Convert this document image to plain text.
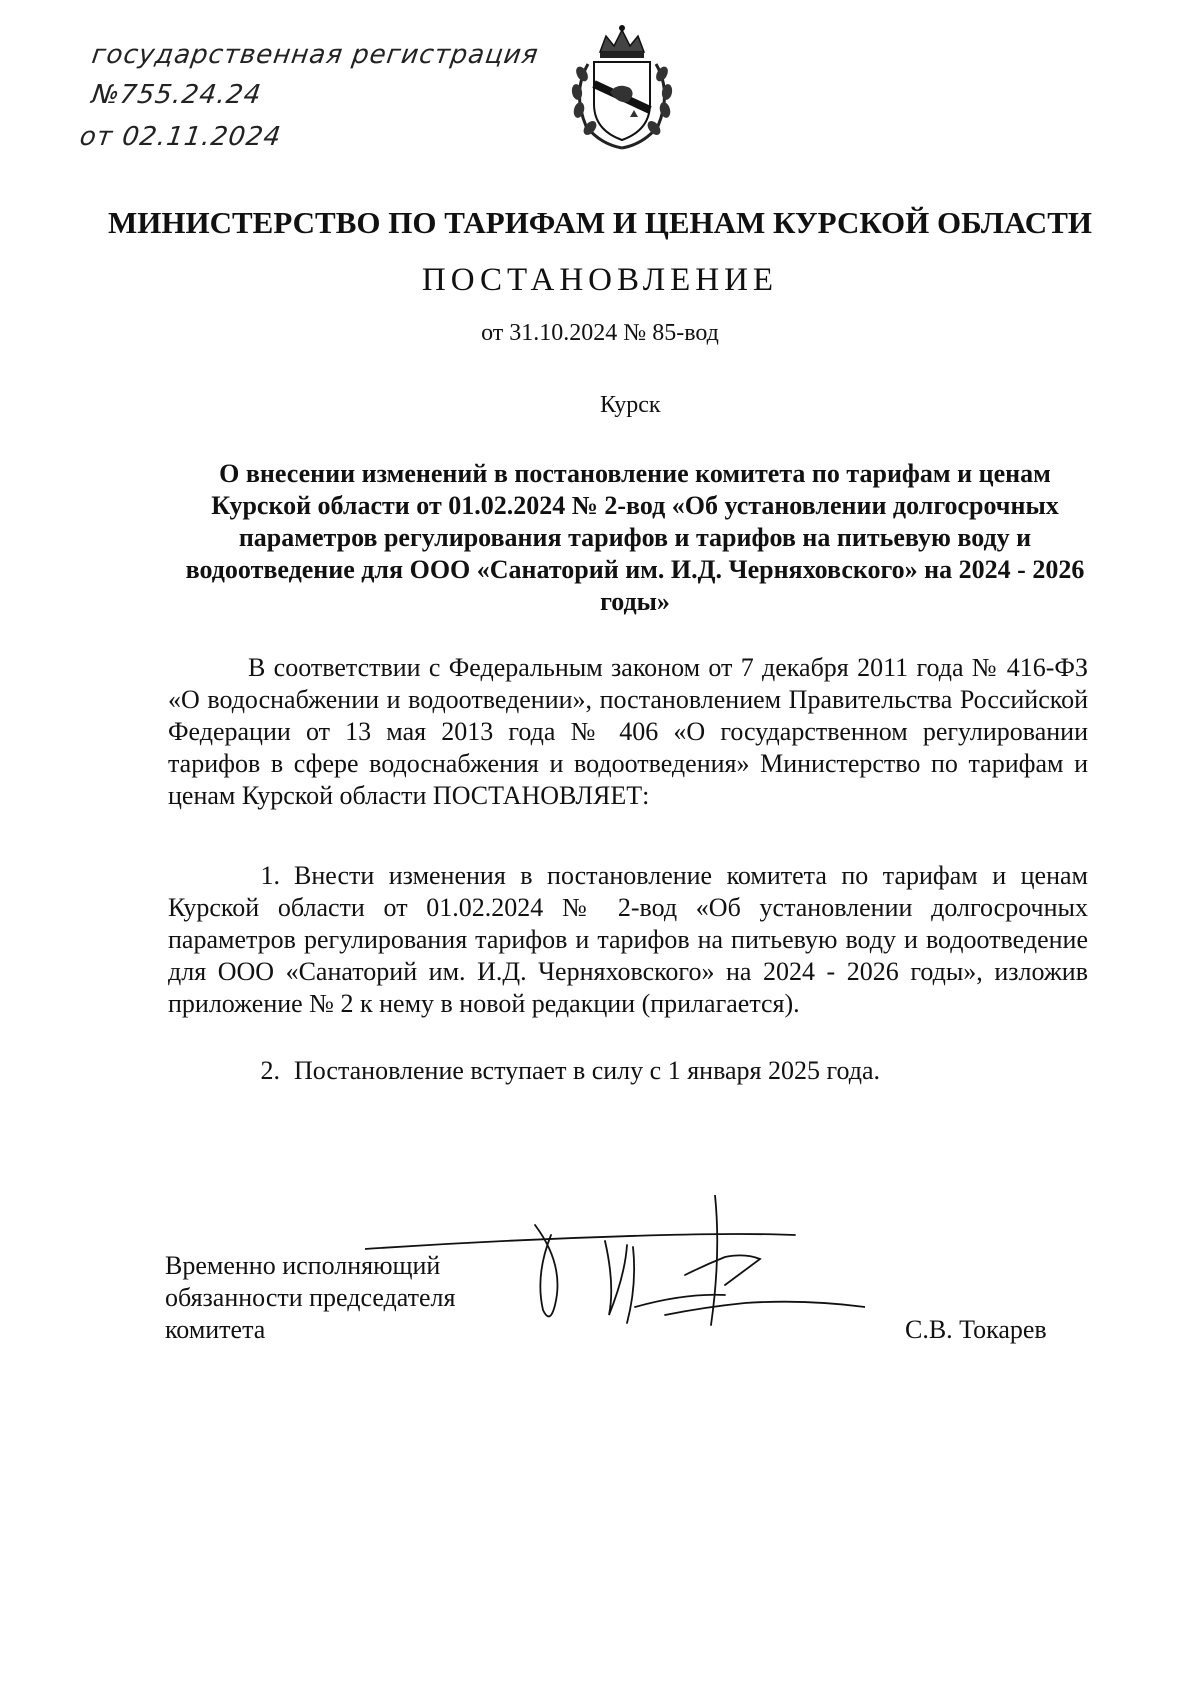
государственная регистрация
№755.24.24
от 02.11.2024
МИНИСТЕРСТВО ПО ТАРИФАМ И ЦЕНАМ КУРСКОЙ ОБЛАСТИ
ПОСТАНОВЛЕНИЕ
от 31.10.2024 № 85-вод
Курск
О внесении изменений в постановление комитета по тарифам и ценам Курской области от 01.02.2024 № 2-вод «Об установлении долгосрочных параметров регулирования тарифов и тарифов на питьевую воду и водоотведение для ООО «Санаторий им. И.Д. Черняховского» на 2024 - 2026 годы»
В соответствии с Федеральным законом от 7 декабря 2011 года № 416-ФЗ «О водоснабжении и водоотведении», постановлением Правительства Российской Федерации от 13 мая 2013 года № 406 «О государственном регулировании тарифов в сфере водоснабжения и водоотведения» Министерство по тарифам и ценам Курской области ПОСТАНОВЛЯЕТ:
1. Внести изменения в постановление комитета по тарифам и ценам Курской области от 01.02.2024 № 2-вод «Об установлении долгосрочных параметров регулирования тарифов и тарифов на питьевую воду и водоотведение для ООО «Санаторий им. И.Д. Черняховского» на 2024 - 2026 годы», изложив приложение № 2 к нему в новой редакции (прилагается).
2. Постановление вступает в силу с 1 января 2025 года.
Временно исполняющий
обязанности председателя
комитета	С.В. Токарев
